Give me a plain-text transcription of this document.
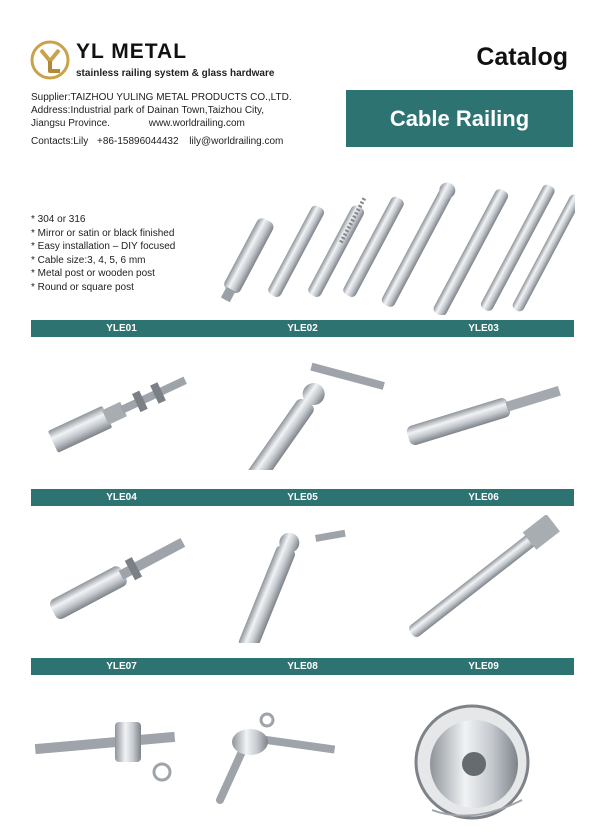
YL METAL
stainless railing system & glass hardware
Catalog
Supplier:TAIZHOU YULING METAL PRODUCTS CO.,LTD.
Address:Industrial park of Dainan Town,Taizhou City,
Jiangsu Province.	www.worldrailing.com
Contacts:Lily +86-15896044432 lily@worldrailing.com
Cable Railing
* 304 or 316
* Mirror or satin or black finished
* Easy installation – DIY focused
* Cable size:3, 4, 5, 6 mm
* Metal post or wooden post
* Round or square post
YLE01	YLE02	YLE03
YLE04	YLE05	YLE06
YLE07	YLE08	YLE09
